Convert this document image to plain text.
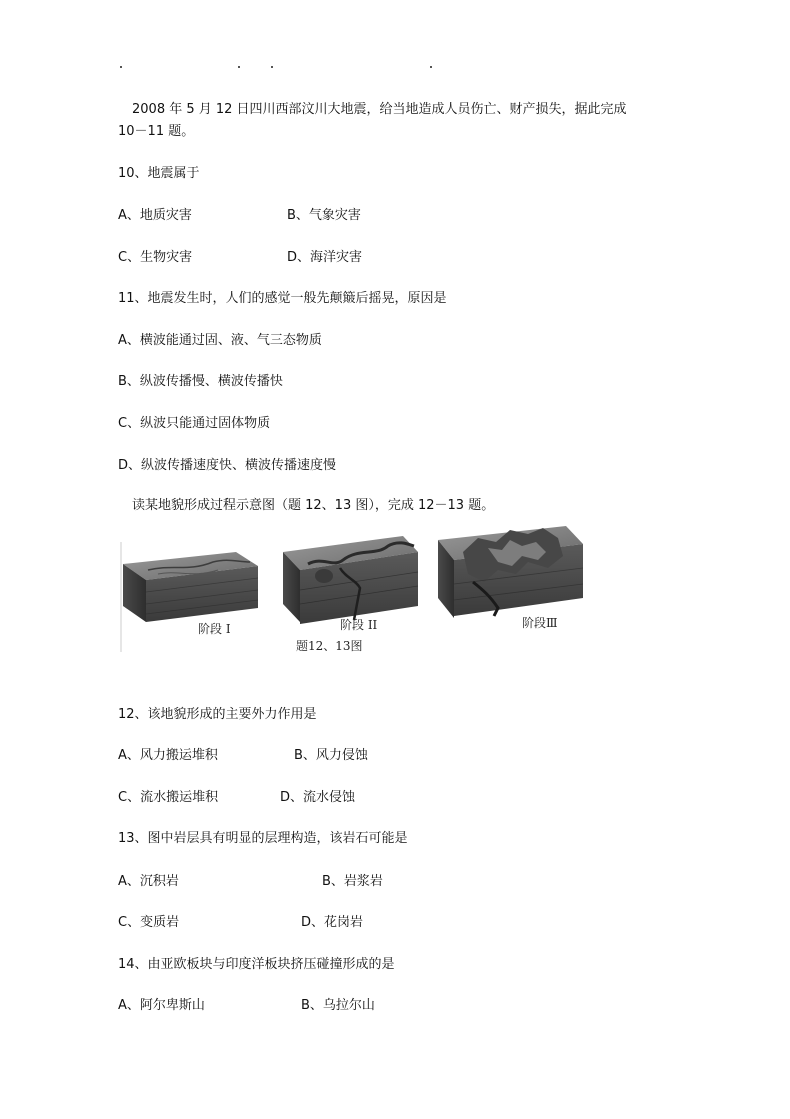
2008 年 5 月 12 日四川西部汶川大地震，给当地造成人员伤亡、财产损失，据此完成
10－11 题。
10、地震属于
A、地质灾害	B、气象灾害
C、生物灾害	D、海洋灾害
11、地震发生时，人们的感觉一般先颠簸后摇晃，原因是
A、横波能通过固、液、气三态物质
B、纵波传播慢、横波传播快
C、纵波只能通过固体物质
D、纵波传播速度快、横波传播速度慢
读某地貌形成过程示意图（题 12、13 图），完成 12－13 题。
阶段 I	阶段 II	阶段Ⅲ
题12、13图
12、该地貌形成的主要外力作用是
A、风力搬运堆积	B、风力侵蚀
C、流水搬运堆积	D、流水侵蚀
13、图中岩层具有明显的层理构造，该岩石可能是
A、沉积岩	B、岩浆岩
C、变质岩	D、花岗岩
14、由亚欧板块与印度洋板块挤压碰撞形成的是
A、阿尔卑斯山	B、乌拉尔山
